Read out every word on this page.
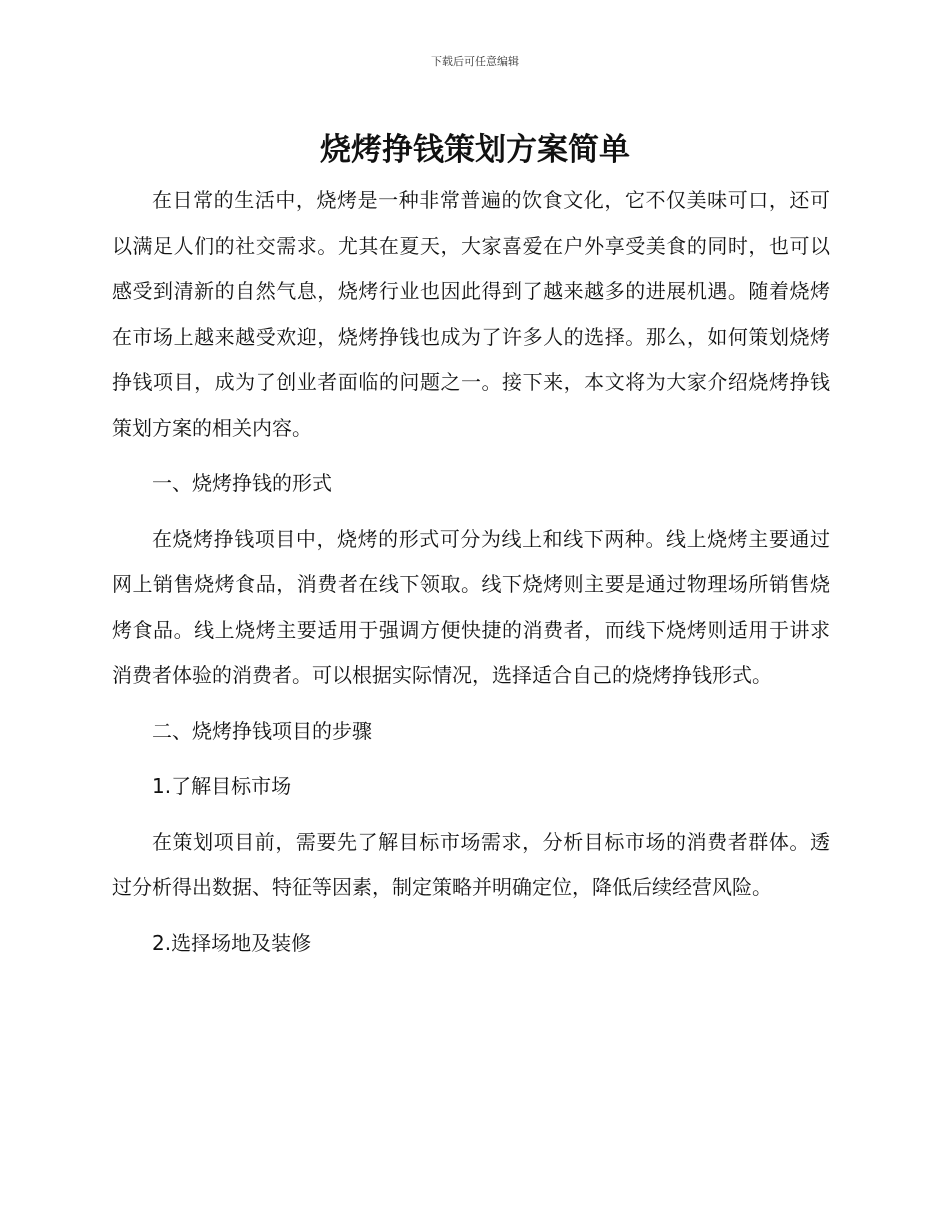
下载后可任意编辑
烧烤挣钱策划方案简单

在日常的生活中，烧烤是一种非常普遍的饮食文化，它不仅美味可口，还可以满足人们的社交需求。尤其在夏天，大家喜爱在户外享受美食的同时，也可以感受到清新的自然气息，烧烤行业也因此得到了越来越多的进展机遇。随着烧烤在市场上越来越受欢迎，烧烤挣钱也成为了许多人的选择。那么，如何策划烧烤挣钱项目，成为了创业者面临的问题之一。接下来，本文将为大家介绍烧烤挣钱策划方案的相关内容。

一、烧烤挣钱的形式

在烧烤挣钱项目中，烧烤的形式可分为线上和线下两种。线上烧烤主要通过网上销售烧烤食品，消费者在线下领取。线下烧烤则主要是通过物理场所销售烧烤食品。线上烧烤主要适用于强调方便快捷的消费者，而线下烧烤则适用于讲求消费者体验的消费者。可以根据实际情况，选择适合自己的烧烤挣钱形式。

二、烧烤挣钱项目的步骤

1.了解目标市场

在策划项目前，需要先了解目标市场需求，分析目标市场的消费者群体。透过分析得出数据、特征等因素，制定策略并明确定位，降低后续经营风险。

2.选择场地及装修
